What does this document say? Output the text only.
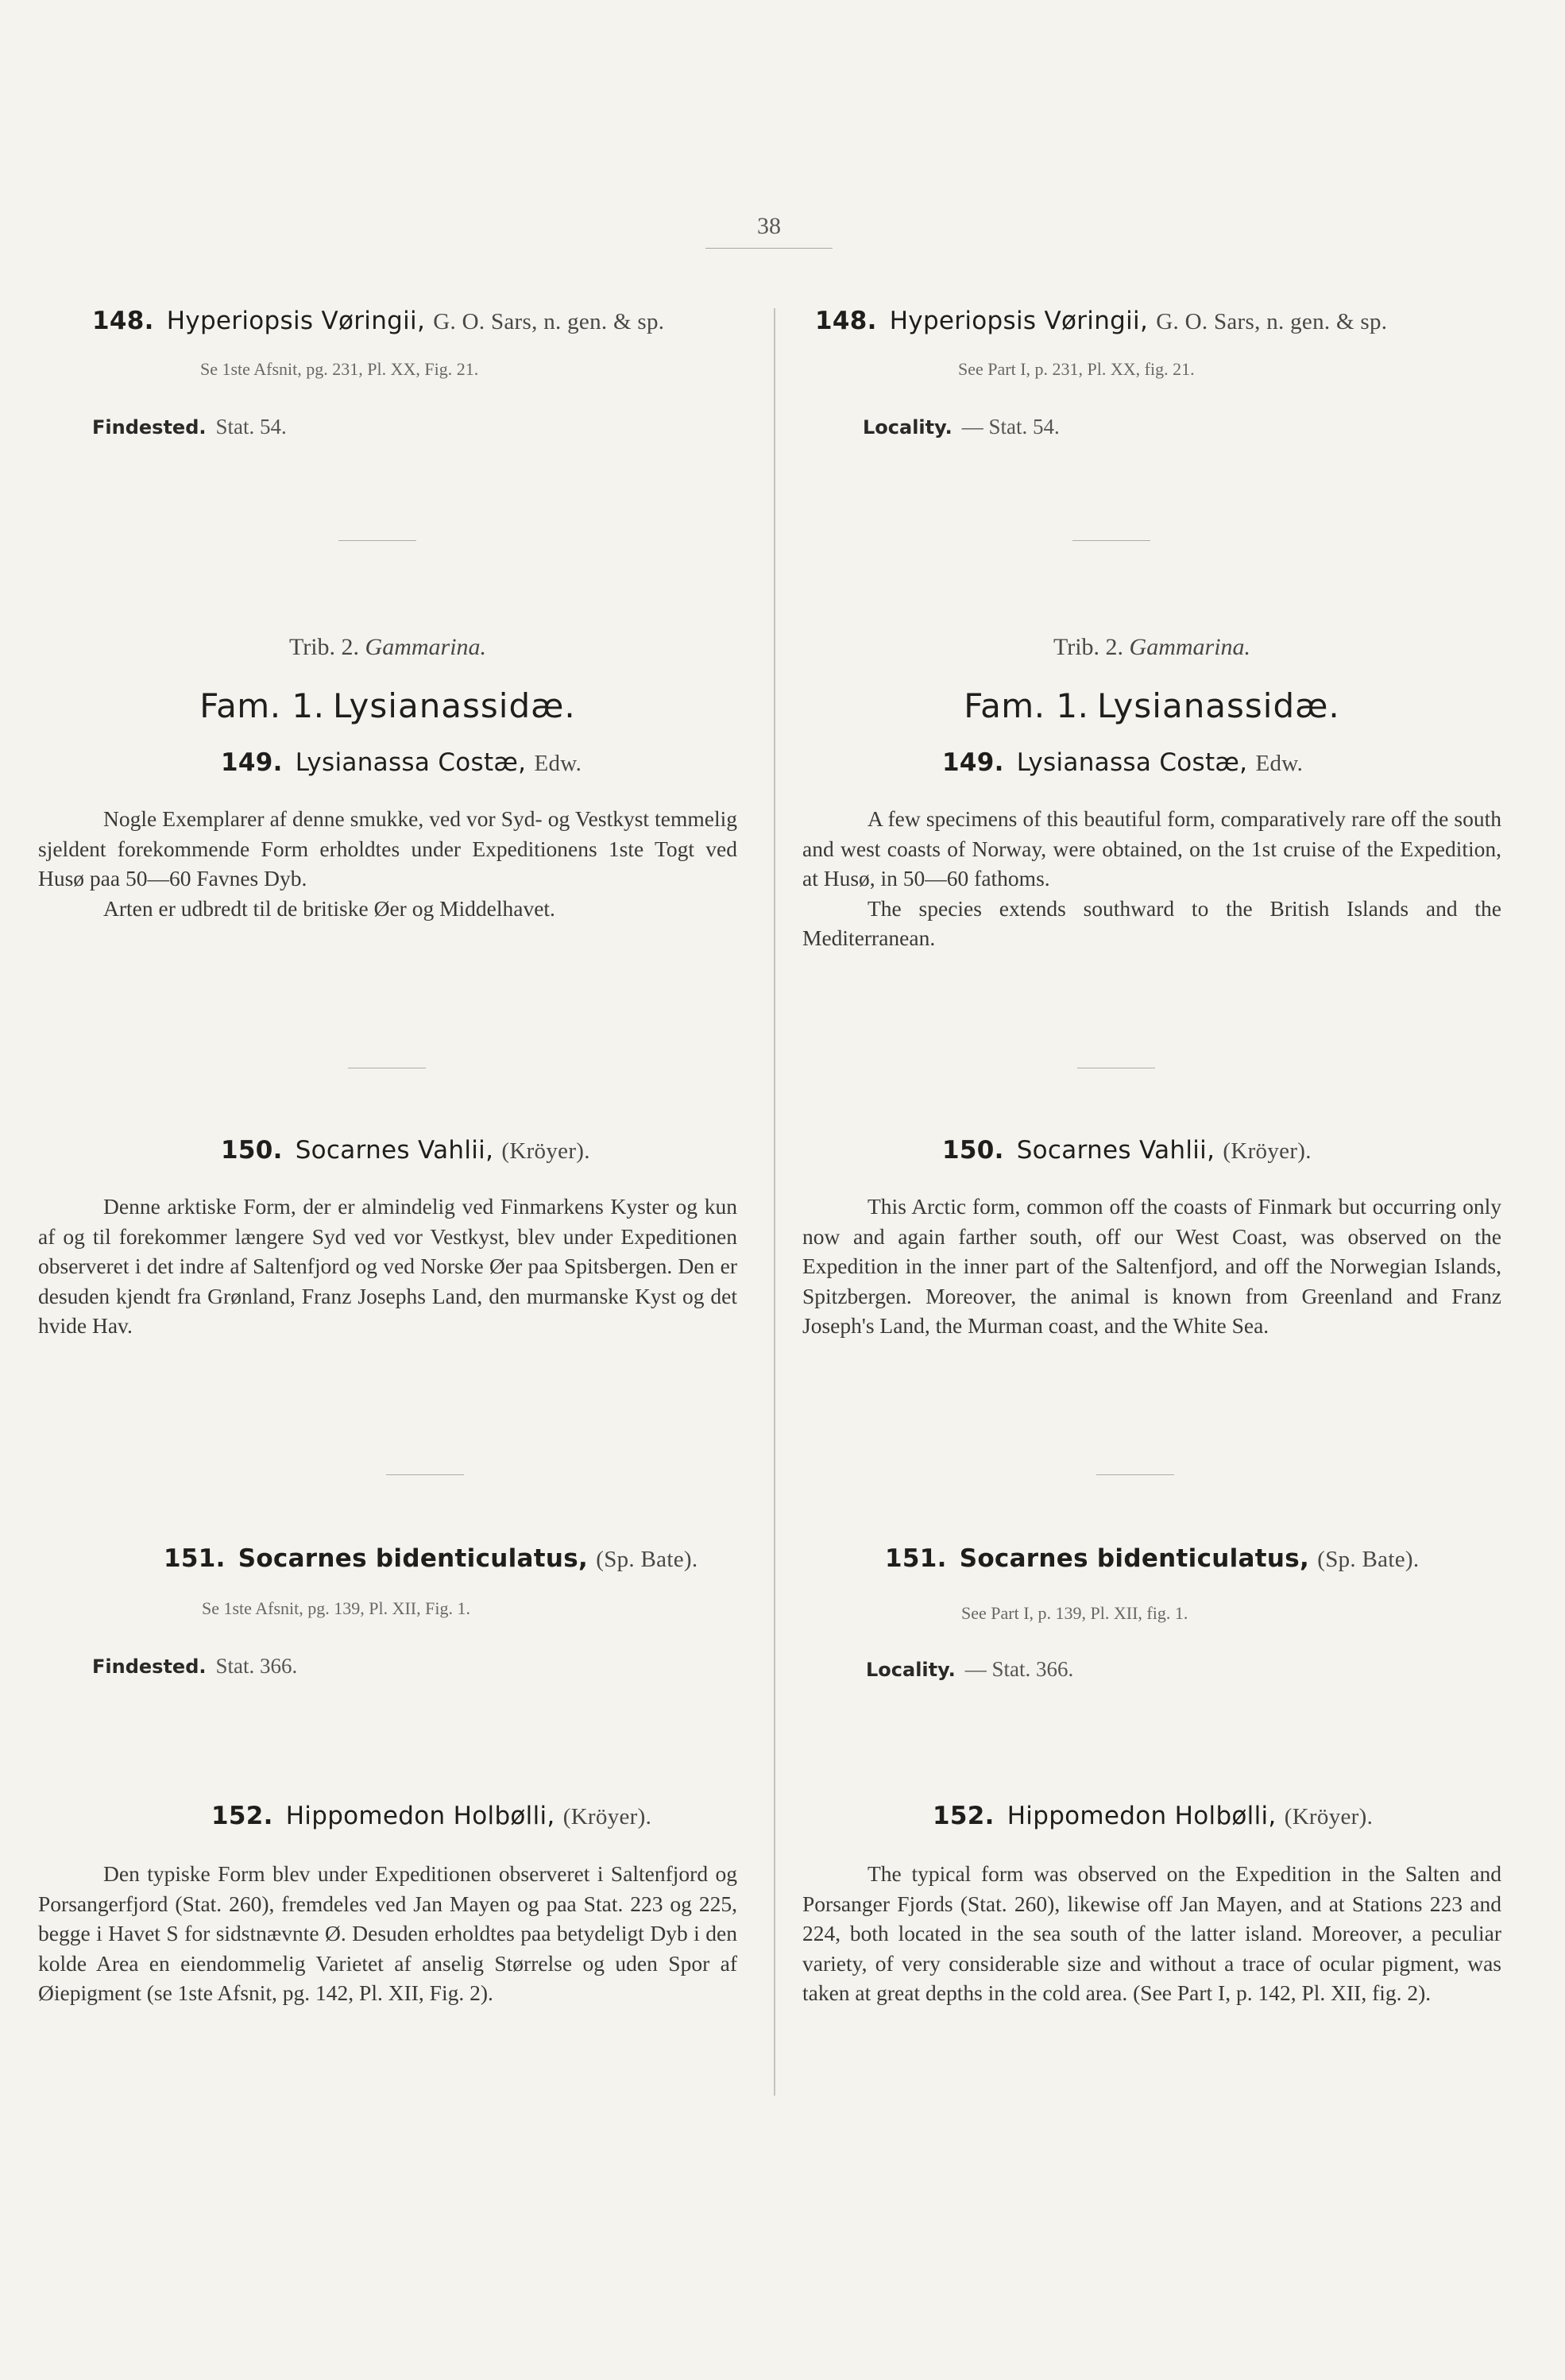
38
148. Hyperiopsis Vøringii, G. O. Sars, n. gen. & sp.
Se 1ste Afsnit, pg. 231, Pl. XX, Fig. 21.
Findested. Stat. 54.
Trib. 2. Gammarina.
Fam. 1. Lysianassidæ.
149. Lysianassa Costæ, Edw.

Nogle Exemplarer af denne smukke, ved vor Syd- og Vestkyst temmelig sjeldent forekommende Form erholdtes under Expeditionens 1ste Togt ved Husø paa 50—60 Favnes Dyb.

Arten er udbredt til de britiske Øer og Middelhavet.

150. Socarnes Vahlii, (Kröyer).

Denne arktiske Form, der er almindelig ved Finmarkens Kyster og kun af og til forekommer længere Syd ved vor Vestkyst, blev under Expeditionen observeret i det indre af Saltenfjord og ved Norske Øer paa Spitsbergen. Den er desuden kjendt fra Grønland, Franz Josephs Land, den murmanske Kyst og det hvide Hav.

151. Socarnes bidenticulatus, (Sp. Bate).
Se 1ste Afsnit, pg. 139, Pl. XII, Fig. 1.
Findested. Stat. 366.
152. Hippomedon Holbølli, (Kröyer).

Den typiske Form blev under Expeditionen observeret i Saltenfjord og Porsangerfjord (Stat. 260), fremdeles ved Jan Mayen og paa Stat. 223 og 225, begge i Havet S for sidstnævnte Ø. Desuden erholdtes paa betydeligt Dyb i den kolde Area en eiendommelig Varietet af anselig Størrelse og uden Spor af Øiepigment (se 1ste Afsnit, pg. 142, Pl. XII, Fig. 2).

148. Hyperiopsis Vøringii, G. O. Sars, n. gen. & sp.
See Part I, p. 231, Pl. XX, fig. 21.
Locality. — Stat. 54.
Trib. 2. Gammarina.
Fam. 1. Lysianassidæ.
149. Lysianassa Costæ, Edw.

A few specimens of this beautiful form, comparatively rare off the south and west coasts of Norway, were obtained, on the 1st cruise of the Expedition, at Husø, in 50—60 fathoms.

The species extends southward to the British Islands and the Mediterranean.

150. Socarnes Vahlii, (Kröyer).

This Arctic form, common off the coasts of Finmark but occurring only now and again farther south, off our West Coast, was observed on the Expedition in the inner part of the Saltenfjord, and off the Norwegian Islands, Spitzbergen. Moreover, the animal is known from Greenland and Franz Joseph's Land, the Murman coast, and the White Sea.

151. Socarnes bidenticulatus, (Sp. Bate).
See Part I, p. 139, Pl. XII, fig. 1.
Locality. — Stat. 366.
152. Hippomedon Holbølli, (Kröyer).

The typical form was observed on the Expedition in the Salten and Porsanger Fjords (Stat. 260), likewise off Jan Mayen, and at Stations 223 and 224, both located in the sea south of the latter island. Moreover, a peculiar variety, of very considerable size and without a trace of ocular pigment, was taken at great depths in the cold area. (See Part I, p. 142, Pl. XII, fig. 2).
